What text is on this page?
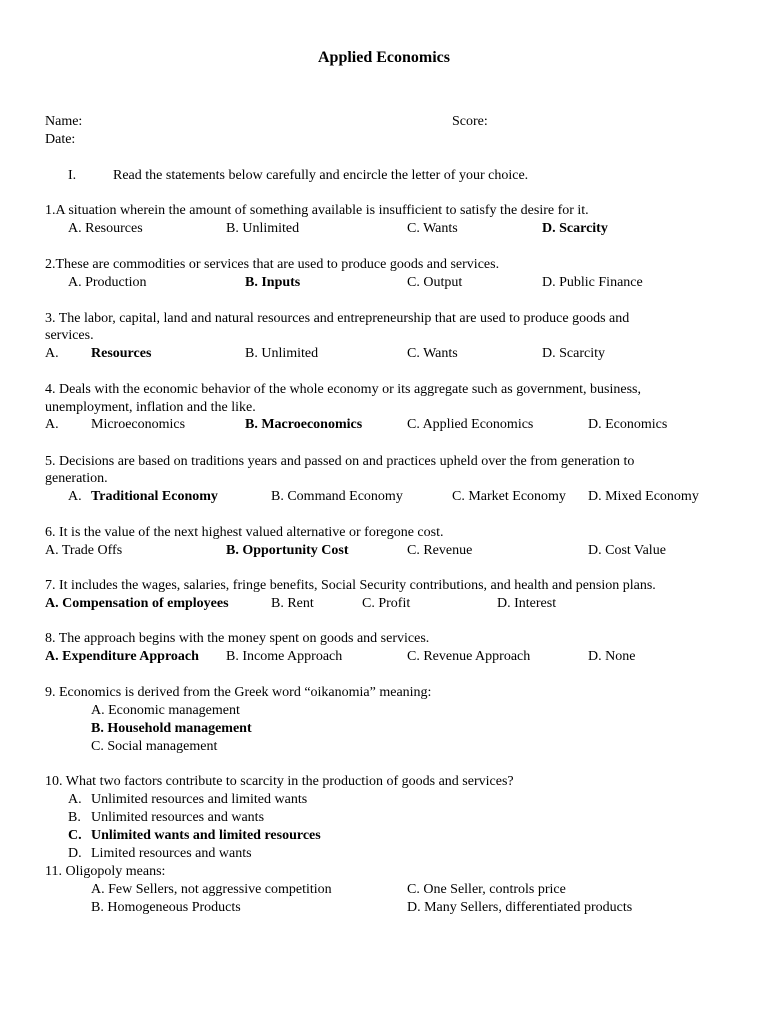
Applied Economics
Name:	Score:
Date:
I.	Read the statements below carefully and encircle the letter of your choice.
1.A situation wherein the amount of something available is insufficient to satisfy the desire for it.
A. Resources	B. Unlimited	C. Wants	D. Scarcity
2.These are commodities or services that are used to produce goods and services.
A. Production	B. Inputs	C. Output	D. Public Finance
3. The labor, capital, land and natural resources and entrepreneurship that are used to produce goods and
services.
A. Resources	B. Unlimited	C. Wants	D. Scarcity
4. Deals with the economic behavior of the whole economy or its aggregate such as government, business,
unemployment, inflation and the like.
A. Microeconomics	B. Macroeconomics	C. Applied Economics	D. Economics
5. Decisions are based on traditions years and passed on and practices upheld over the from generation to
generation.
A. Traditional Economy	B. Command Economy	C. Market Economy D. Mixed Economy
6. It is the value of the next highest valued alternative or foregone cost.
A. Trade Offs	B. Opportunity Cost	C. Revenue	D. Cost Value
7. It includes the wages, salaries, fringe benefits, Social Security contributions, and health and pension plans.
A. Compensation of employees	B. Rent	C. Profit	D. Interest
8. The approach begins with the money spent on goods and services.
A. Expenditure Approach B. Income Approach	C. Revenue Approach	D. None
9. Economics is derived from the Greek word “oikanomia” meaning:
A. Economic management
B. Household management
C. Social management
10. What two factors contribute to scarcity in the production of goods and services?
A. Unlimited resources and limited wants
B. Unlimited resources and wants
C. Unlimited wants and limited resources
D. Limited resources and wants
11. Oligopoly means:
A. Few Sellers, not aggressive competition	C. One Seller, controls price
B. Homogeneous Products	D. Many Sellers, differentiated products
